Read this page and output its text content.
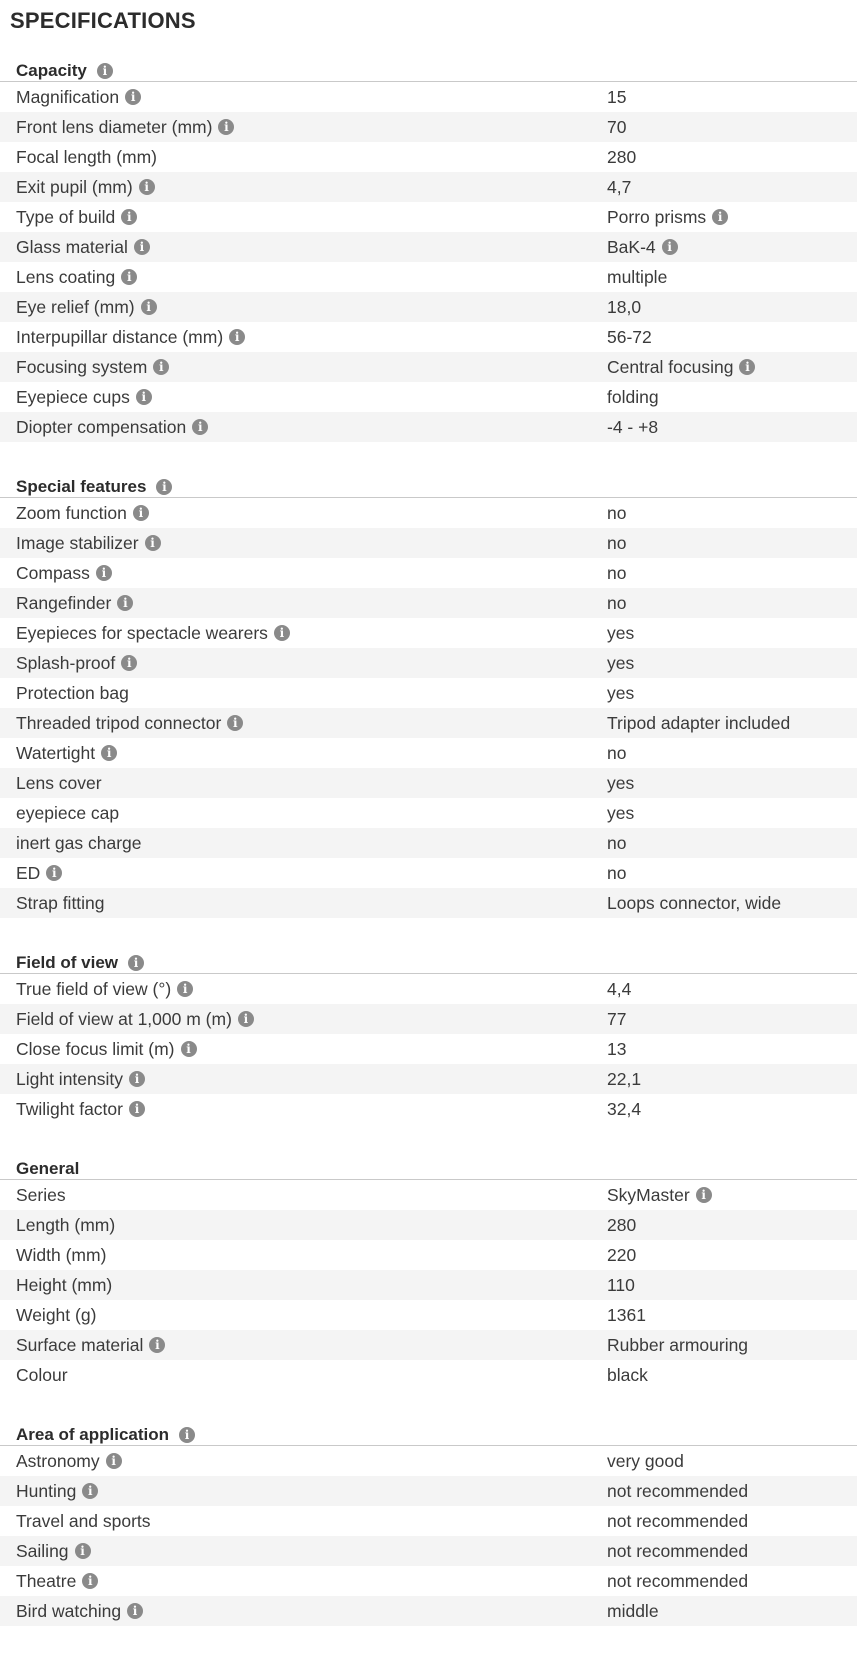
SPECIFICATIONS
Capacity	i
Magnification i	15
Front lens diameter (mm) i	70
Focal length (mm)	280
Exit pupil (mm) i	4,7
Type of build i	Porro prisms i
Glass material i	BaK-4 i
Lens coating i	multiple
Eye relief (mm) i	18,0
Interpupillar distance (mm) i	56-72
Focusing system i	Central focusing i
Eyepiece cups i	folding
Diopter compensation i	-4 - +8
Special features	i
Zoom function i	no
Image stabilizer i	no
Compass i	no
Rangefinder i	no
Eyepieces for spectacle wearers i	yes
Splash-proof i	yes
Protection bag	yes
Threaded tripod connector i	Tripod adapter included
Watertight i	no
Lens cover	yes
eyepiece cap	yes
inert gas charge	no
ED i	no
Strap fitting	Loops connector, wide
Field of view	i
True field of view (°) i	4,4
Field of view at 1,000 m (m) i	77
Close focus limit (m) i	13
Light intensity i	22,1
Twilight factor i	32,4
General
Series	SkyMaster i
Length (mm)	280
Width (mm)	220
Height (mm)	110
Weight (g)	1361
Surface material i	Rubber armouring
Colour	black
Area of application	i
Astronomy i	very good
Hunting i	not recommended
Travel and sports	not recommended
Sailing i	not recommended
Theatre i	not recommended
Bird watching i	middle
